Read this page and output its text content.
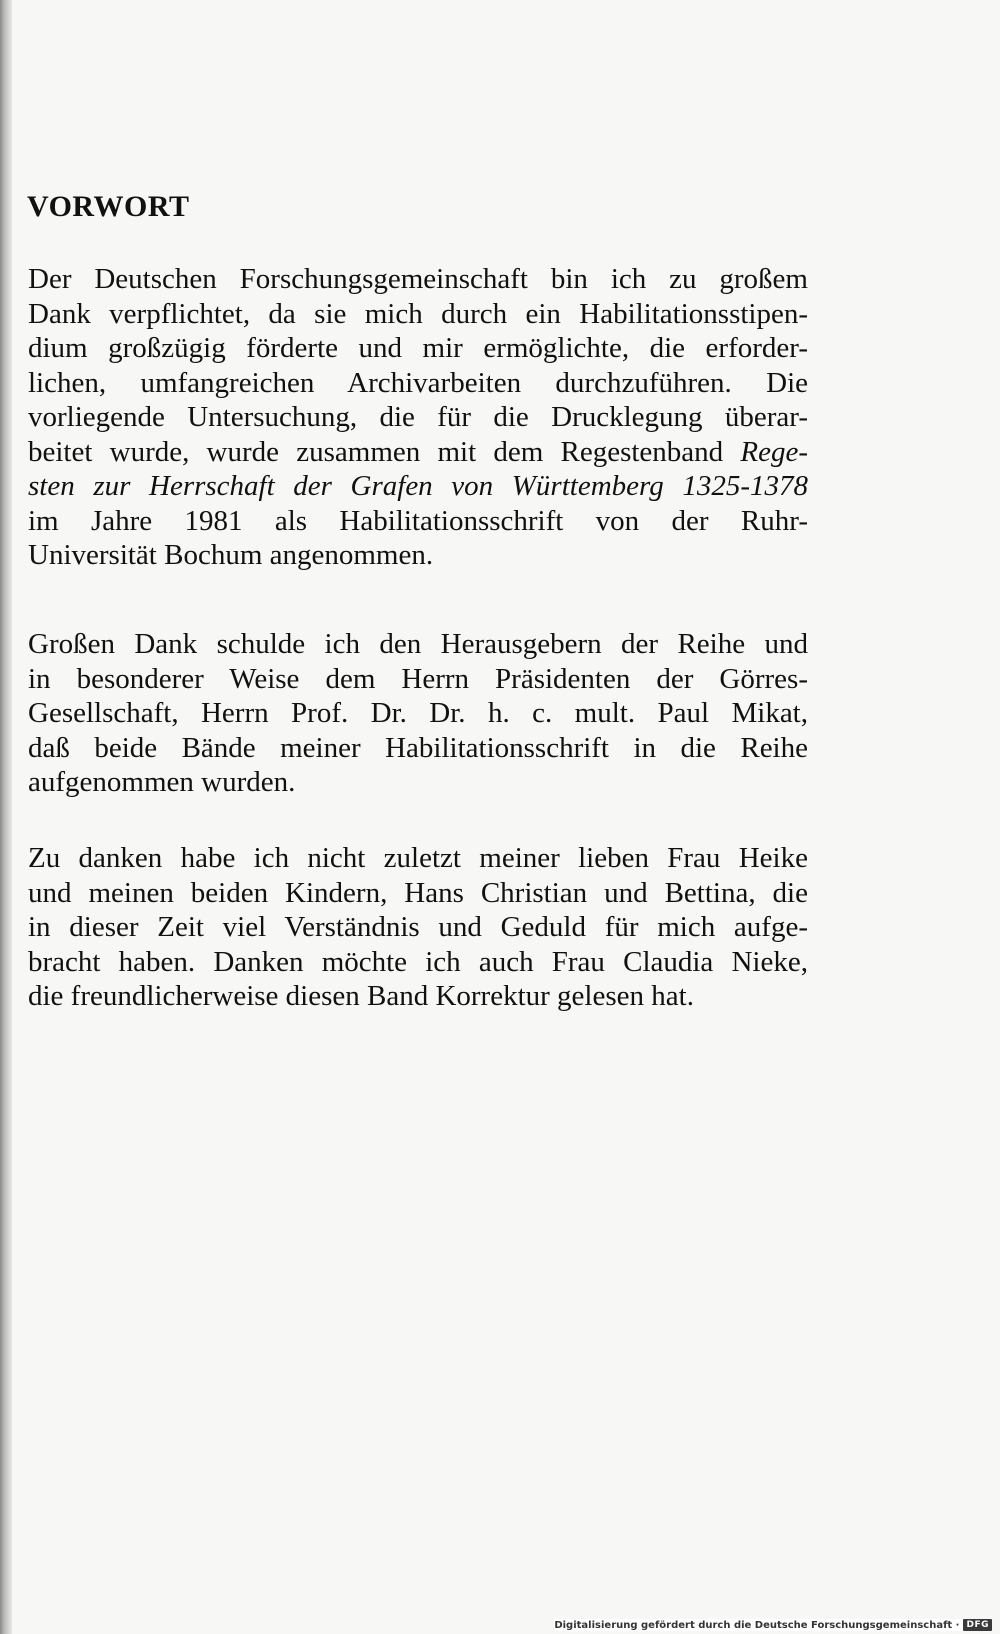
VORWORT
Der Deutschen Forschungsgemeinschaft bin ich zu großem
Dank verpflichtet, da sie mich durch ein Habilitationsstipen-
dium großzügig förderte und mir ermöglichte, die erforder-
lichen, umfangreichen Archivarbeiten durchzuführen. Die
vorliegende Untersuchung, die für die Drucklegung überar-
beitet wurde, wurde zusammen mit dem Regestenband Rege-
sten zur Herrschaft der Grafen von Württemberg 1325-1378
im Jahre 1981 als Habilitationsschrift von der Ruhr-
Universität Bochum angenommen.
Großen Dank schulde ich den Herausgebern der Reihe und
in besonderer Weise dem Herrn Präsidenten der Görres-
Gesellschaft, Herrn Prof. Dr. Dr. h. c. mult. Paul Mikat,
daß beide Bände meiner Habilitationsschrift in die Reihe
aufgenommen wurden.
Zu danken habe ich nicht zuletzt meiner lieben Frau Heike
und meinen beiden Kindern, Hans Christian und Bettina, die
in dieser Zeit viel Verständnis und Geduld für mich aufge-
bracht haben. Danken möchte ich auch Frau Claudia Nieke,
die freundlicherweise diesen Band Korrektur gelesen hat.
Digitalisierung gefördert durch die Deutsche Forschungsgemeinschaft · DFG
